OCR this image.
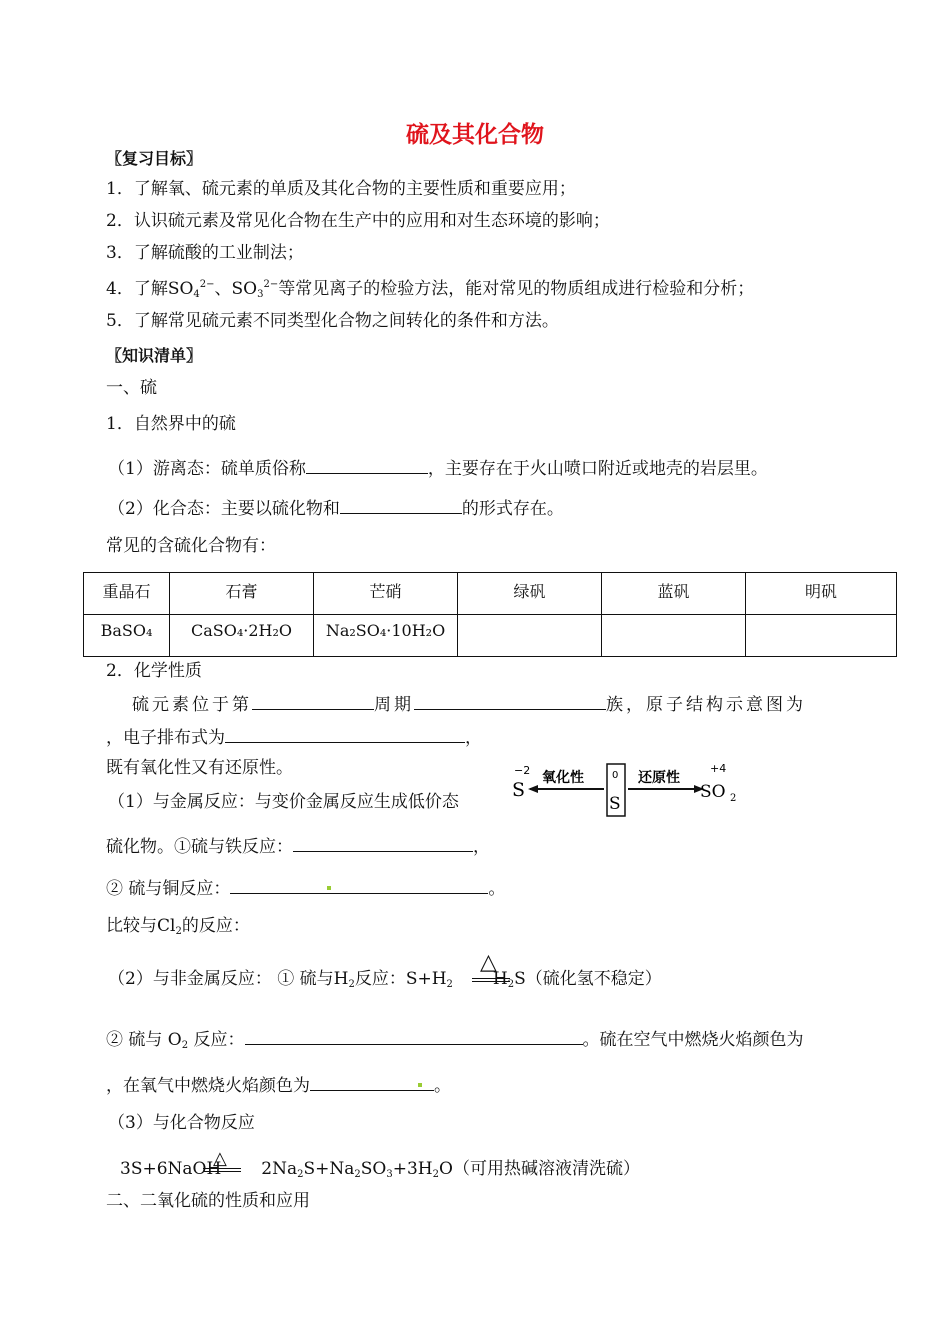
硫及其化合物
〖复习目标〗
1．了解氧、硫元素的单质及其化合物的主要性质和重要应用；
2．认识硫元素及常见化合物在生产中的应用和对生态环境的影响；
3．了解硫酸的工业制法；
4．了解$SO_4^{2-}$、$SO_3^{2-}$等常见离子的检验方法，能对常见的物质组成进行检验和分析；
5．了解常见硫元素不同类型化合物之间转化的条件和方法。
〖知识清单〗
一、硫
1．自然界中的硫
（1）游离态：硫单质俗称	，主要存在于火山喷口附近或地壳的岩层里。
（2）化合态：主要以硫化物和	的形式存在。
常见的含硫化合物有：
重晶石	石膏	芒硝	绿矾	蓝矾	明矾
BaSO₄	CaSO₄·2H₂O	Na₂SO₄·10H₂O			
2．化学性质
硫元素位于第	周期	族，原子结构示意图为
，电子排布式为	，
既有氧化性又有还原性。	−2
S
氧化性	0
S
还原性
+4
SO 2
（1）与金属反应：与变价金属反应生成低价态
硫化物。①硫与铁反应：	，
② 硫与铜反应：	。
比较与$Cl_2$的反应：
（2）与非金属反应： ① 硫与$H_2$反应：$S+H_2$ $H_2S$（硫化氢不稳定）
△
② 硫与 $O_2$ 反应：	。硫在空气中燃烧火焰颜色为
，在氧气中燃烧火焰颜色为	。
（3）与化合物反应
3S+6NaOH $2Na_2S+Na_2SO_3+3H_2O$（可用热碱溶液清洗硫）
△
二、二氧化硫的性质和应用
